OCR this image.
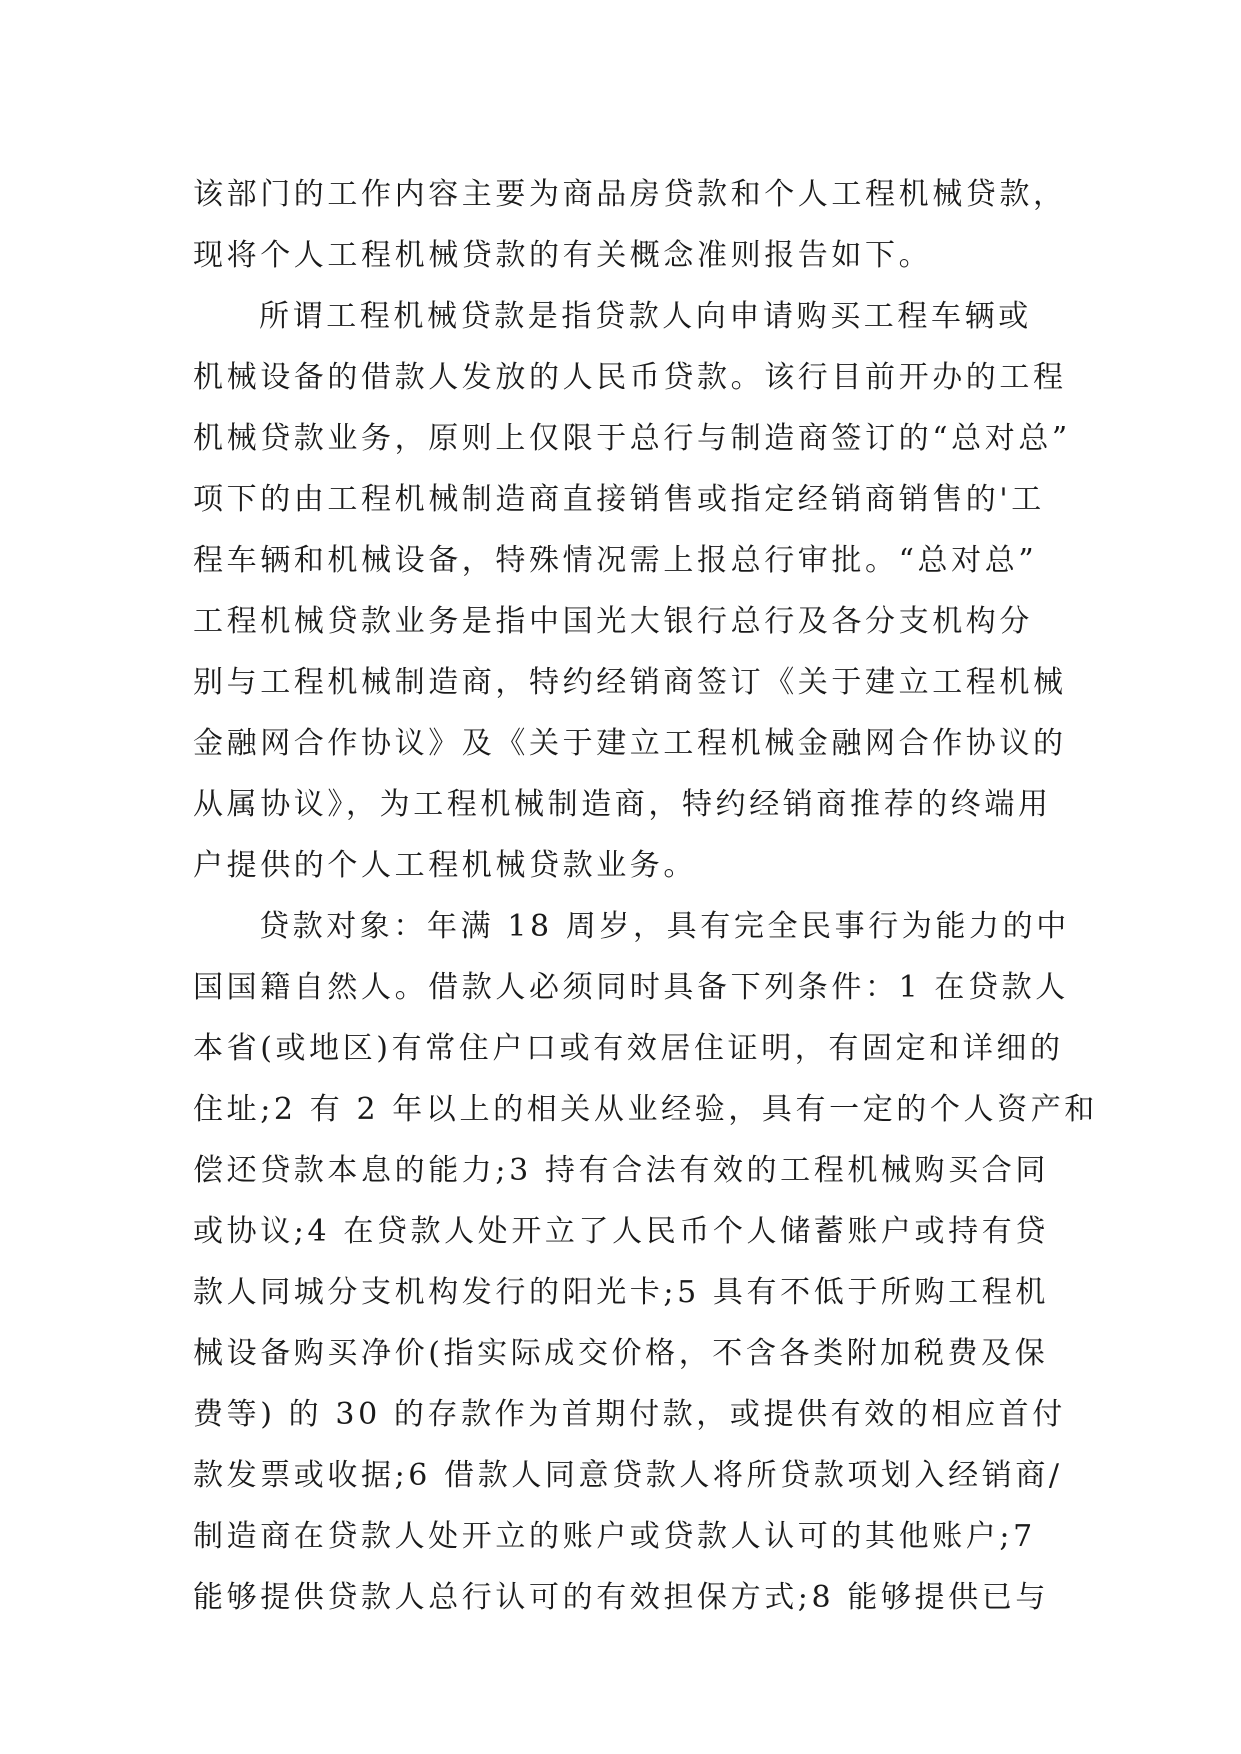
该部门的工作内容主要为商品房贷款和个人工程机械贷款，
现将个人工程机械贷款的有关概念准则报告如下。
所谓工程机械贷款是指贷款人向申请购买工程车辆或
机械设备的借款人发放的人民币贷款。该行目前开办的工程
机械贷款业务，原则上仅限于总行与制造商签订的“总对总”
项下的由工程机械制造商直接销售或指定经销商销售的'工
程车辆和机械设备，特殊情况需上报总行审批。“总对总”
工程机械贷款业务是指中国光大银行总行及各分支机构分
别与工程机械制造商，特约经销商签订《关于建立工程机械
金融网合作协议》及《关于建立工程机械金融网合作协议的
从属协议》，为工程机械制造商，特约经销商推荐的终端用
户提供的个人工程机械贷款业务。
贷款对象：年满 18 周岁，具有完全民事行为能力的中
国国籍自然人。借款人必须同时具备下列条件：1 在贷款人
本省(或地区)有常住户口或有效居住证明，有固定和详细的
住址;2 有 2 年以上的相关从业经验，具有一定的个人资产和
偿还贷款本息的能力;3 持有合法有效的工程机械购买合同
或协议;4 在贷款人处开立了人民币个人储蓄账户或持有贷
款人同城分支机构发行的阳光卡;5 具有不低于所购工程机
械设备购买净价(指实际成交价格，不含各类附加税费及保
费等) 的 30 的存款作为首期付款，或提供有效的相应首付
款发票或收据;6 借款人同意贷款人将所贷款项划入经销商/
制造商在贷款人处开立的账户或贷款人认可的其他账户;7
能够提供贷款人总行认可的有效担保方式;8 能够提供已与
